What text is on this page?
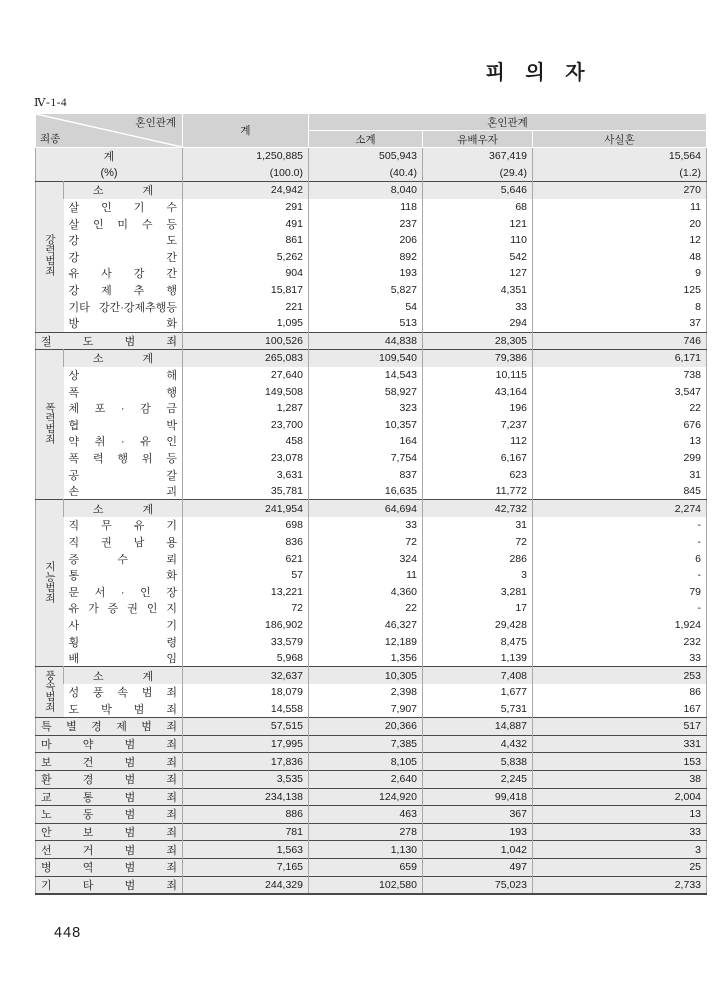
피 의 자
Ⅳ-1-4
혼인관계
죄종		계	혼인관계		
			소계	유배우자	사실혼
계		1,250,885	505,943	367,419	15,564
(%)		(100.0)	(40.4)	(29.4)	(1.2)
강력범죄	소 계	24,942	8,040	5,646	270
	살 인 기 수	291	118	68	11
	살 인 미 수 등	491	237	121	20
	강 도	861	206	110	12
	강 간	5,262	892	542	48
	유 사 강 간	904	193	127	9
	강 제 추 행	15,817	5,827	4,351	125
	기타 강간·강제추행등	221	54	33	8
	방 화	1,095	513	294	37
절 도 범 죄		100,526	44,838	28,305	746
폭력범죄	소 계	265,083	109,540	79,386	6,171
	상 해	27,640	14,543	10,115	738
	폭 행	149,508	58,927	43,164	3,547
	체 포 · 감 금	1,287	323	196	22
	협 박	23,700	10,357	7,237	676
	약 취 · 유 인	458	164	112	13
	폭 력 행 위 등	23,078	7,754	6,167	299
	공 갈	3,631	837	623	31
	손 괴	35,781	16,635	11,772	845
지능범죄	소 계	241,954	64,694	42,732	2,274
	직 무 유 기	698	33	31	-
	직 권 남 용	836	72	72	-
	증 수 뢰	621	324	286	6
	통 화	57	11	3	-
	문 서 · 인 장	13,221	4,360	3,281	79
	유 가 증 권 인 지	72	22	17	-
	사 기	186,902	46,327	29,428	1,924
	횡 령	33,579	12,189	8,475	232
	배 임	5,968	1,356	1,139	33
풍속범죄	소 계	32,637	10,305	7,408	253
	성 풍 속 범 죄	18,079	2,398	1,677	86
	도 박 범 죄	14,558	7,907	5,731	167
특 별 경 제 범 죄		57,515	20,366	14,887	517
마 약 범 죄		17,995	7,385	4,432	331
보 건 범 죄		17,836	8,105	5,838	153
환 경 범 죄		3,535	2,640	2,245	38
교 통 범 죄		234,138	124,920	99,418	2,004
노 동 범 죄		886	463	367	13
안 보 범 죄		781	278	193	33
선 거 범 죄		1,563	1,130	1,042	3
병 역 범 죄		7,165	659	497	25
기 타 범 죄		244,329	102,580	75,023	2,733
448
